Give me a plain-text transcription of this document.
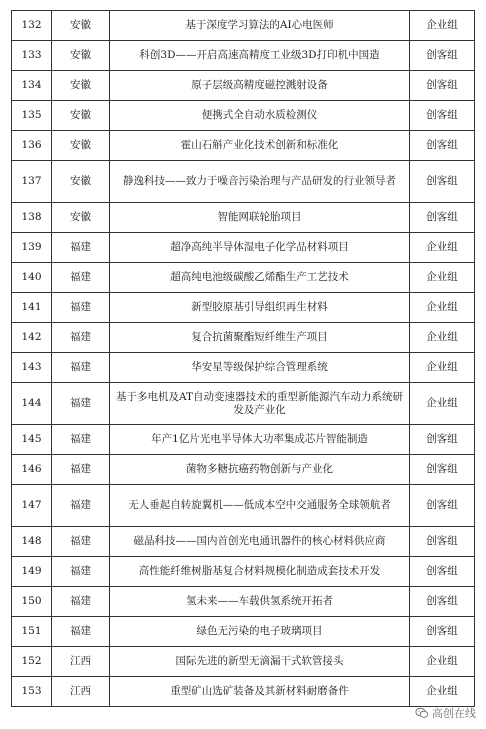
132	安徽	基于深度学习算法的AI心电医师	企业组
133	安徽	科创3D——开启高速高精度工业级3D打印机中国造	创客组
134	安徽	原子层级高精度磁控溅射设备	创客组
135	安徽	便携式全自动水质检测仪	创客组
136	安徽	霍山石斛产业化技术创新和标准化	创客组
137	安徽	静逸科技——致力于噪音污染治理与产品研发的行业领导者	创客组
138	安徽	智能网联轮胎项目	创客组
139	福建	超净高纯半导体湿电子化学品材料项目	企业组
140	福建	超高纯电池级碳酸乙烯酯生产工艺技术	企业组
141	福建	新型胶原基引导组织再生材料	企业组
142	福建	复合抗菌聚酯短纤维生产项目	企业组
143	福建	华安星等级保护综合管理系统	企业组
144	福建	基于多电机及AT自动变速器技术的重型新能源汽车动力系统研发及产业化	企业组
145	福建	年产1亿片光电半导体大功率集成芯片智能制造	创客组
146	福建	菌物多糖抗癌药物创新与产业化	创客组
147	福建	无人垂起自转旋翼机——低成本空中交通服务全球领航者	创客组
148	福建	磁晶科技——国内首创光电通讯器件的核心材料供应商	创客组
149	福建	高性能纤维树脂基复合材料规模化制造成套技术开发	创客组
150	福建	氢未来——车载供氢系统开拓者	创客组
151	福建	绿色无污染的电子玻璃项目	创客组
152	江西	国际先进的新型无滴漏干式软管接头	企业组
153	江西	重型矿山选矿装备及其新材料耐磨备件	企业组
高创在线
